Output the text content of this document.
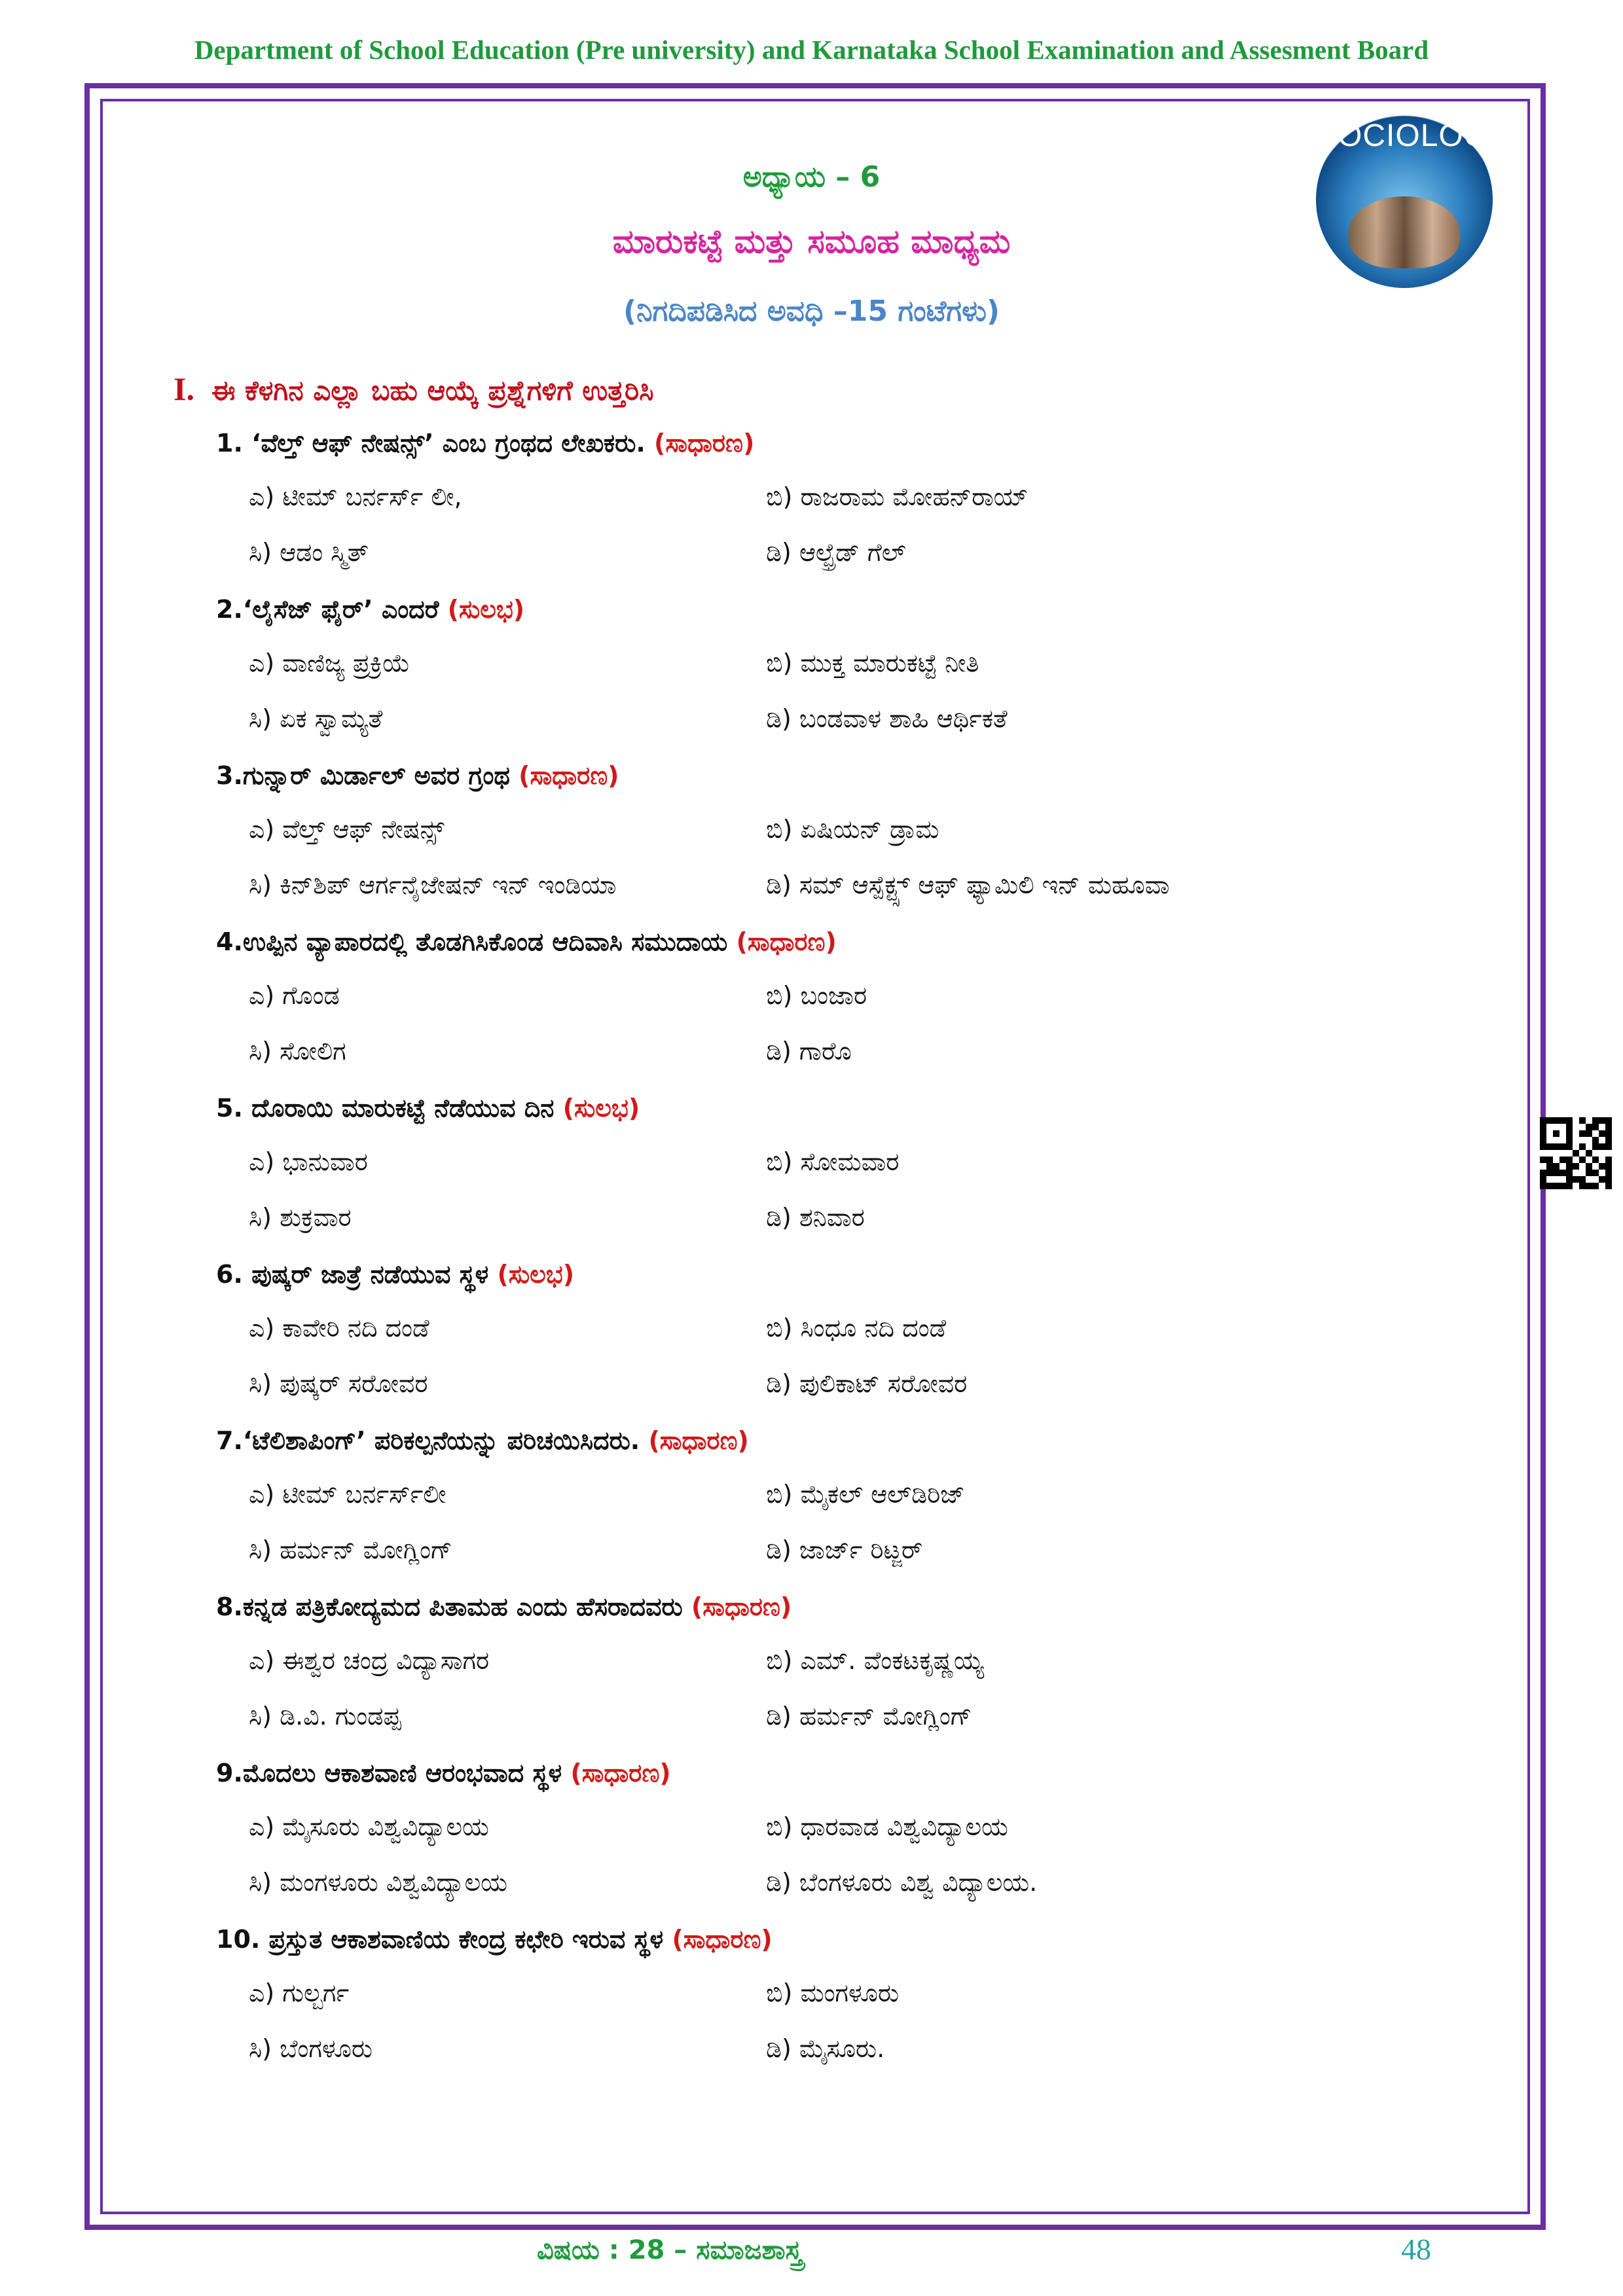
Department of School Education (Pre university) and Karnataka School Examination and Assesment Board
SOCIOLOGY
ಅಧ್ಯಾಯ – 6
ಮಾರುಕಟ್ಟೆ ಮತ್ತು ಸಮೂಹ ಮಾಧ್ಯಮ
(ನಿಗದಿಪಡಿಸಿದ ಅವಧಿ –15 ಗಂಟೆಗಳು)
I. ಈ ಕೆಳಗಿನ ಎಲ್ಲಾ ಬಹು ಆಯ್ಕೆ ಪ್ರಶ್ನೆಗಳಿಗೆ ಉತ್ತರಿಸಿ
1. ‘ವೆಲ್ತ್ ಆಫ್ ನೇಷನ್ಸ್’ ಎಂಬ ಗ್ರಂಥದ ಲೇಖಕರು. (ಸಾಧಾರಣ)
ಎ) ಟೀಮ್ ಬರ್ನರ್ಸ್ ಲೀ,	ಬಿ) ರಾಜರಾಮ ಮೋಹನ್‌ರಾಯ್
ಸಿ) ಆಡಂ ಸ್ಮಿತ್	ಡಿ) ಆಲ್ಫ್ರೆಡ್ ಗೆಲ್
2.‘ಲೈಸೆಜ್ ಫೈರ್’ ಎಂದರೆ (ಸುಲಭ)
ಎ) ವಾಣಿಜ್ಯ ಪ್ರಕ್ರಿಯೆ	ಬಿ) ಮುಕ್ತ ಮಾರುಕಟ್ಟೆ ನೀತಿ
ಸಿ) ಏಕ ಸ್ವಾಮ್ಯತೆ	ಡಿ) ಬಂಡವಾಳ ಶಾಹಿ ಆರ್ಥಿಕತೆ
3.ಗುನ್ನಾರ್ ಮಿರ್ಡಾಲ್ ಅವರ ಗ್ರಂಥ (ಸಾಧಾರಣ)
ಎ) ವೆಲ್ತ್ ಆಫ್ ನೇಷನ್ಸ್	ಬಿ) ಏಷಿಯನ್ ಡ್ರಾಮ
ಸಿ) ಕಿನ್‌ಶಿಪ್ ಆರ್ಗನೈಜೇಷನ್ ಇನ್ ಇಂಡಿಯಾ	ಡಿ) ಸಮ್ ಆಸ್ಪೆಕ್ಟ್ಸ್ ಆಫ್ ಫ್ಯಾಮಿಲಿ ಇನ್ ಮಹೂವಾ
4.ಉಪ್ಪಿನ ವ್ಯಾಪಾರದಲ್ಲಿ ತೊಡಗಿಸಿಕೊಂಡ ಆದಿವಾಸಿ ಸಮುದಾಯ (ಸಾಧಾರಣ)
ಎ) ಗೊಂಡ	ಬಿ) ಬಂಜಾರ
ಸಿ) ಸೋಲಿಗ	ಡಿ) ಗಾರೊ
5. ದೊರಾಯಿ ಮಾರುಕಟ್ಟೆ ನೆಡೆಯುವ ದಿನ (ಸುಲಭ)
ಎ) ಭಾನುವಾರ	ಬಿ) ಸೋಮವಾರ
ಸಿ) ಶುಕ್ರವಾರ	ಡಿ) ಶನಿವಾರ
6. ಪುಷ್ಕರ್ ಜಾತ್ರೆ ನಡೆಯುವ ಸ್ಥಳ (ಸುಲಭ)
ಎ) ಕಾವೇರಿ ನದಿ ದಂಡೆ	ಬಿ) ಸಿಂಧೂ ನದಿ ದಂಡೆ
ಸಿ) ಪುಷ್ಕರ್ ಸರೋವರ	ಡಿ) ಪುಲಿಕಾಟ್ ಸರೋವರ
7.‘ಟೆಲಿಶಾಪಿಂಗ್’ ಪರಿಕಲ್ಪನೆಯನ್ನು ಪರಿಚಯಿಸಿದರು. (ಸಾಧಾರಣ)
ಎ) ಟೀಮ್ ಬರ್ನರ್ಸ್‌ಲೀ	ಬಿ) ಮೈಕಲ್ ಆಲ್‌ಡಿರಿಜ್
ಸಿ) ಹರ್ಮನ್ ಮೋಗ್ಲಿಂಗ್	ಡಿ) ಜಾರ್ಜ್ ರಿಟ್ಜರ್
8.ಕನ್ನಡ ಪತ್ರಿಕೋದ್ಯಮದ ಪಿತಾಮಹ ಎಂದು ಹೆಸರಾದವರು (ಸಾಧಾರಣ)
ಎ) ಈಶ್ವರ ಚಂದ್ರ ವಿದ್ಯಾಸಾಗರ	ಬಿ) ಎಮ್. ವೆಂಕಟಕೃಷ್ಣಯ್ಯ
ಸಿ) ಡಿ.ವಿ. ಗುಂಡಪ್ಪ	ಡಿ) ಹರ್ಮನ್ ಮೋಗ್ಲಿಂಗ್
9.ಮೊದಲು ಆಕಾಶವಾಣಿ ಆರಂಭವಾದ ಸ್ಥಳ (ಸಾಧಾರಣ)
ಎ) ಮೈಸೂರು ವಿಶ್ವವಿದ್ಯಾಲಯ	ಬಿ) ಧಾರವಾಡ ವಿಶ್ವವಿದ್ಯಾಲಯ
ಸಿ) ಮಂಗಳೂರು ವಿಶ್ವವಿದ್ಯಾಲಯ	ಡಿ) ಬೆಂಗಳೂರು ವಿಶ್ವ ವಿದ್ಯಾಲಯ.
10. ಪ್ರಸ್ತುತ ಆಕಾಶವಾಣಿಯ ಕೇಂದ್ರ ಕಛೇರಿ ಇರುವ ಸ್ಥಳ (ಸಾಧಾರಣ)
ಎ) ಗುಲ್ಬರ್ಗ	ಬಿ) ಮಂಗಳೂರು
ಸಿ) ಬೆಂಗಳೂರು	ಡಿ) ಮೈಸೂರು.
ವಿಷಯ : 28 – ಸಮಾಜಶಾಸ್ತ್ರ	48
